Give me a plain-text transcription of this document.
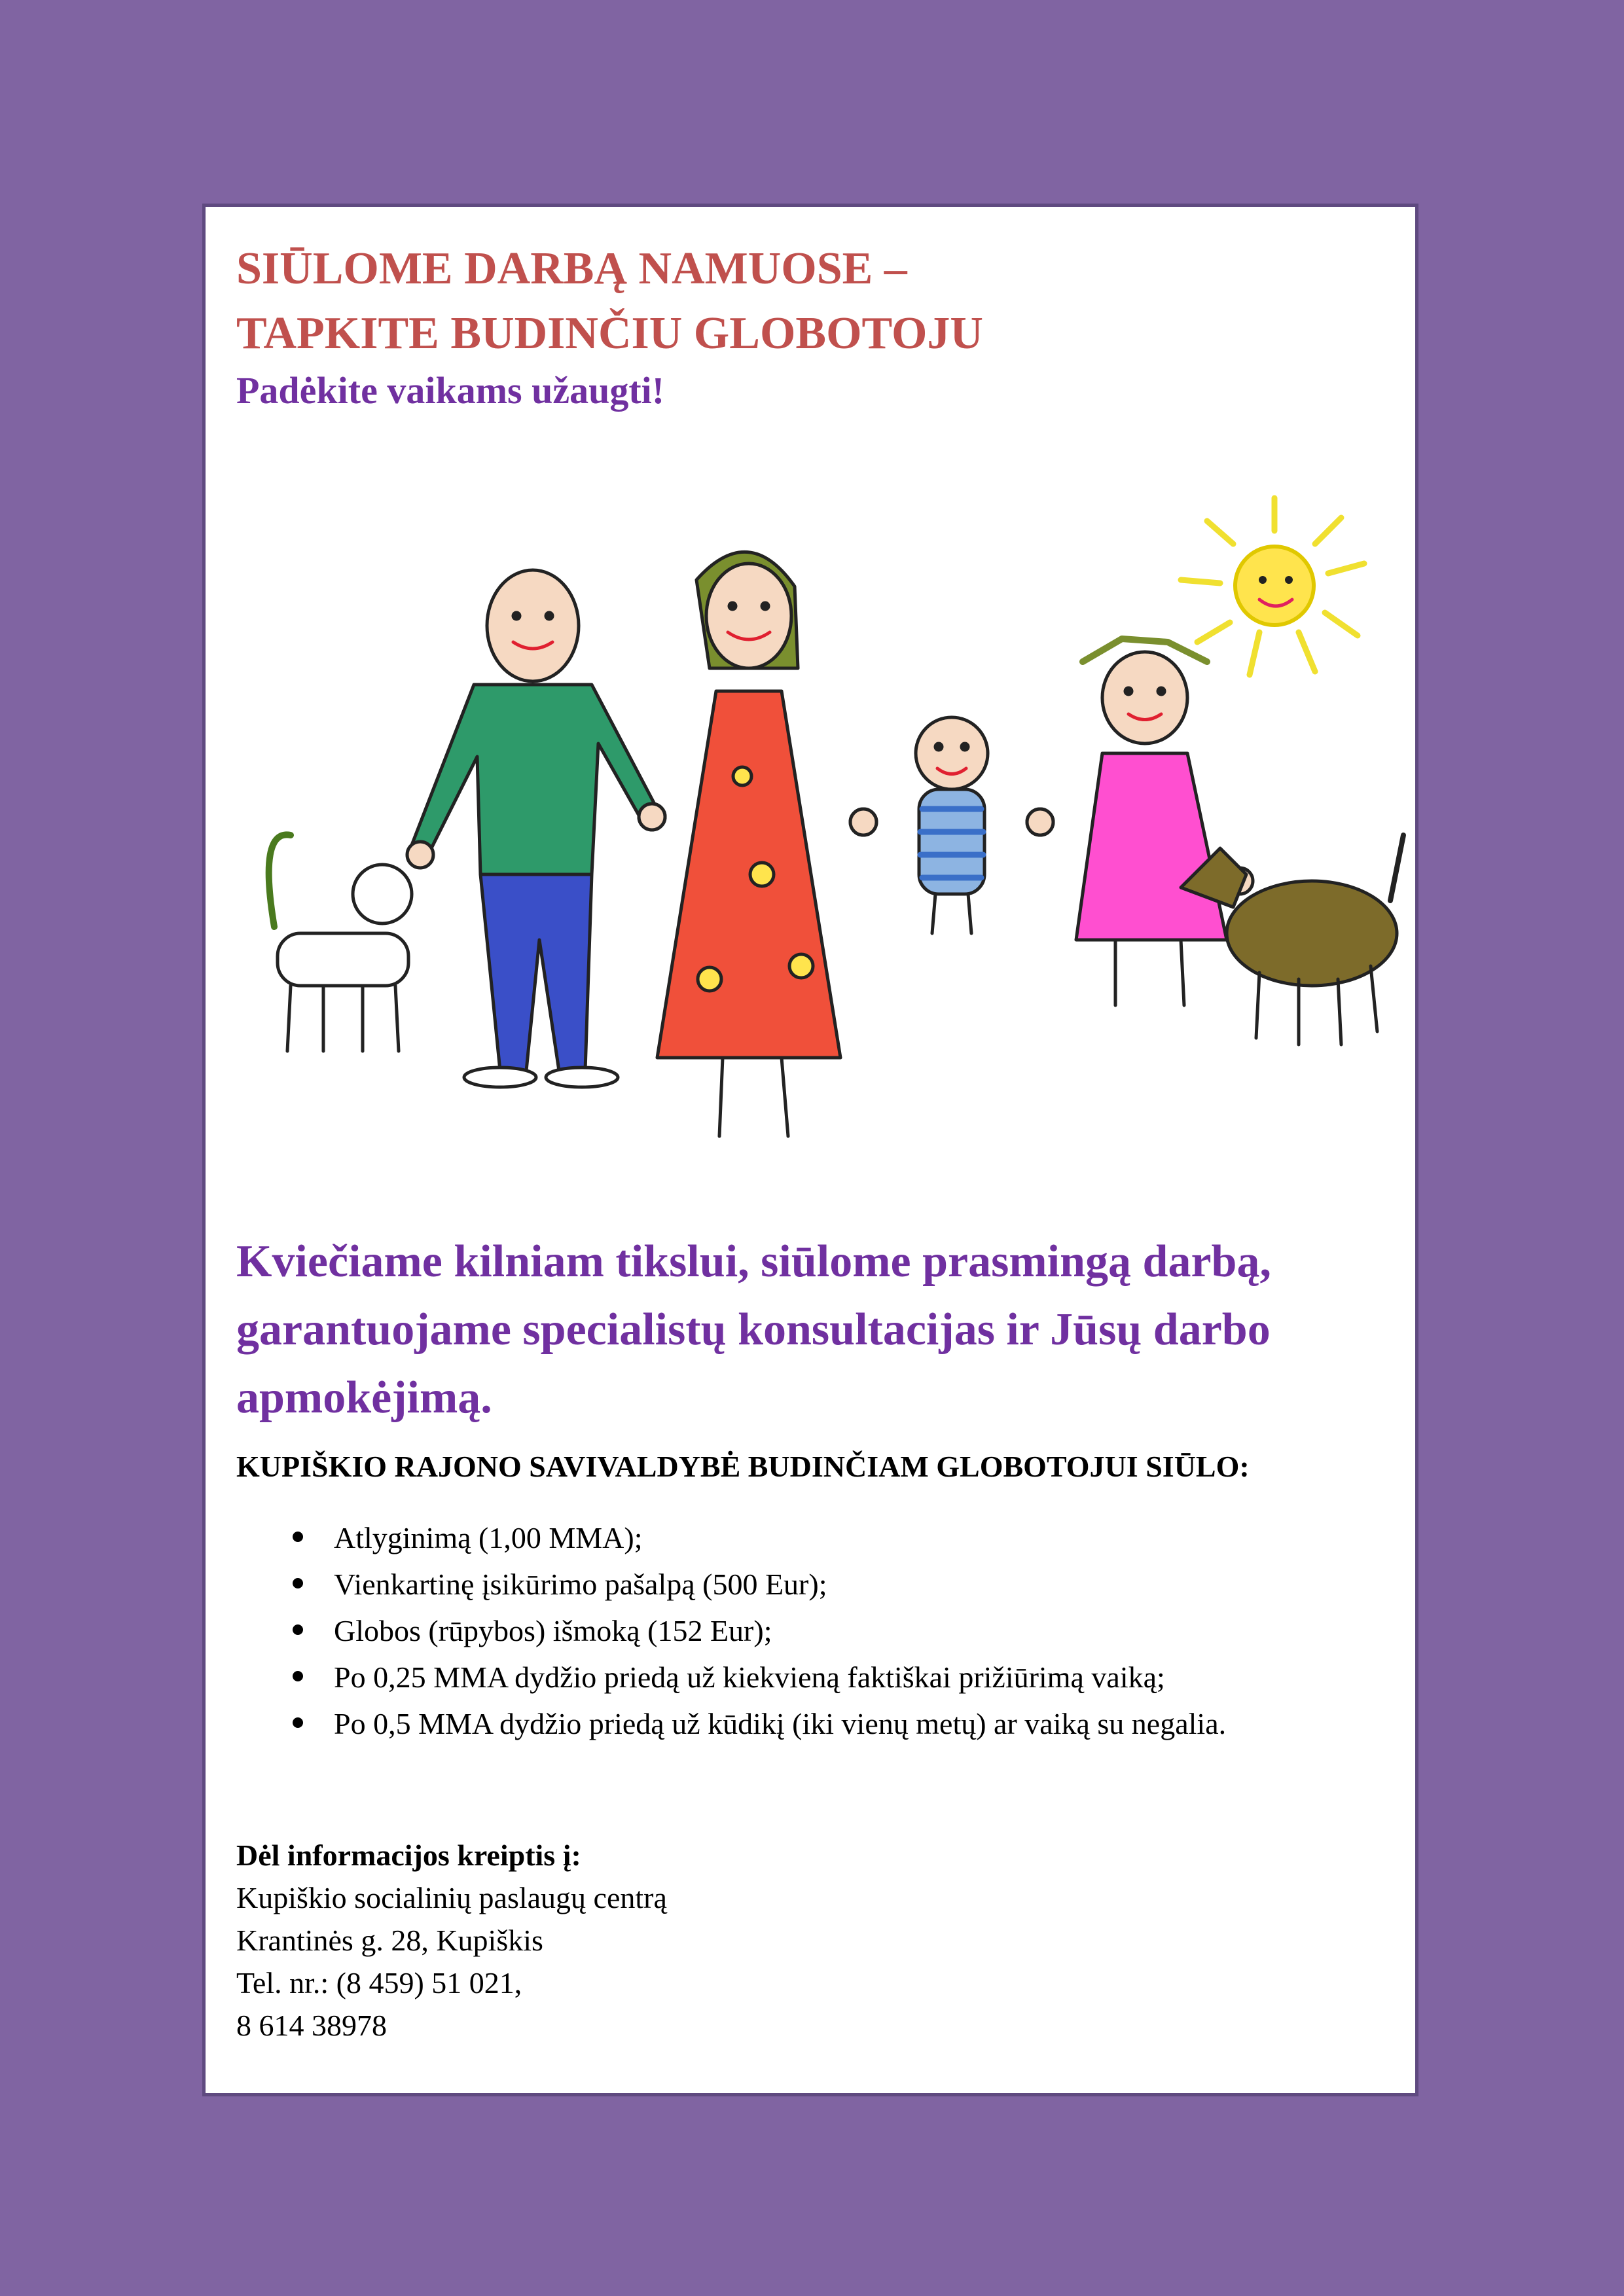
SIŪLOME DARBĄ NAMUOSE –
TAPKITE BUDINČIU GLOBOTOJU

Padėkite vaikams užaugti!

Kviečiame kilniam tikslui, siūlome prasmingą darbą, garantuojame specialistų konsultacijas ir Jūsų darbo apmokėjimą.

KUPIŠKIO RAJONO SAVIVALDYBĖ BUDINČIAM GLOBOTOJUI SIŪLO:

Atlyginimą (1,00 MMA);
Vienkartinę įsikūrimo pašalpą (500 Eur);
Globos (rūpybos) išmoką (152 Eur);
Po 0,25 MMA dydžio priedą už kiekvieną faktiškai prižiūrimą vaiką;
Po 0,5 MMA dydžio priedą už kūdikį (iki vienų metų) ar vaiką su negalia.
Dėl informacijos kreiptis į:
Kupiškio socialinių paslaugų centrą
Krantinės g. 28, Kupiškis
Tel. nr.: (8 459) 51 021,
8 614 38978
